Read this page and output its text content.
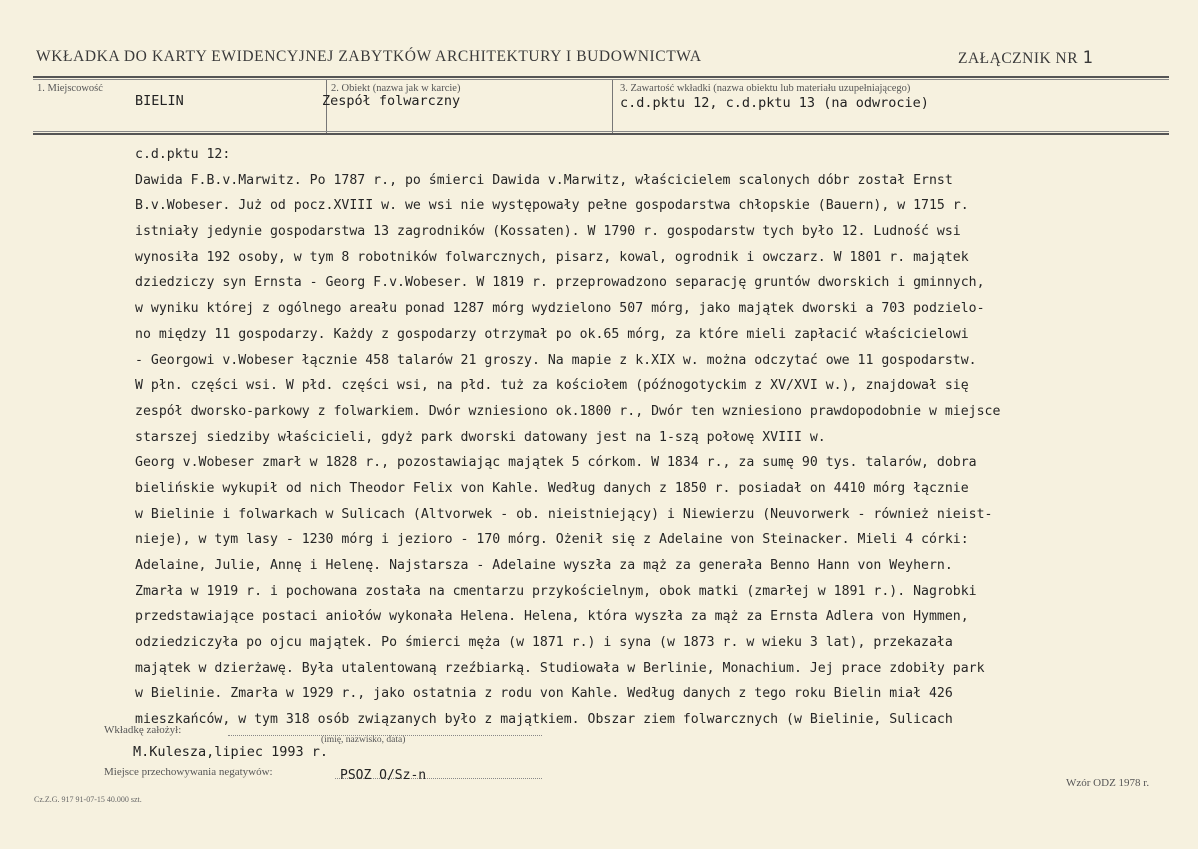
WKŁADKA DO KARTY EWIDENCYJNEJ ZABYTKÓW ARCHITEKTURY I BUDOWNICTWA	ZAŁĄCZNIK NR 1
1. Miejscowość
BIELIN
2. Obiekt (nazwa jak w karcie)
Zespół folwarczny
3. Zawartość wkładki (nazwa obiektu lub materiału uzupełniającego)
c.d.pktu 12, c.d.pktu 13 (na odwrocie)
c.d.pktu 12:
Dawida F.B.v.Marwitz. Po 1787 r., po śmierci Dawida v.Marwitz, właścicielem scalonych dóbr został Ernst
B.v.Wobeser. Już od pocz.XVIII w. we wsi nie występowały pełne gospodarstwa chłopskie (Bauern), w 1715 r.
istniały jedynie gospodarstwa 13 zagrodników (Kossaten). W 1790 r. gospodarstw tych było 12. Ludność wsi
wynosiła 192 osoby, w tym 8 robotników folwarcznych, pisarz, kowal, ogrodnik i owczarz. W 1801 r. majątek
dziedziczy syn Ernsta - Georg F.v.Wobeser. W 1819 r. przeprowadzono separację gruntów dworskich i gminnych,
w wyniku której z ogólnego areału ponad 1287 mórg wydzielono 507 mórg, jako majątek dworski a 703 podzielo-
no między 11 gospodarzy. Każdy z gospodarzy otrzymał po ok.65 mórg, za które mieli zapłacić właścicielowi
- Georgowi v.Wobeser łącznie 458 talarów 21 groszy. Na mapie z k.XIX w. można odczytać owe 11 gospodarstw.
W płn. części wsi. W płd. części wsi, na płd. tuż za kościołem (późnogotyckim z XV/XVI w.), znajdował się
zespół dworsko-parkowy z folwarkiem. Dwór wzniesiono ok.1800 r., Dwór ten wzniesiono prawdopodobnie w miejsce
starszej siedziby właścicieli, gdyż park dworski datowany jest na 1-szą połowę XVIII w.
Georg v.Wobeser zmarł w 1828 r., pozostawiając majątek 5 córkom. W 1834 r., za sumę 90 tys. talarów, dobra
bielińskie wykupił od nich Theodor Felix von Kahle. Według danych z 1850 r. posiadał on 4410 mórg łącznie
w Bielinie i folwarkach w Sulicach (Altvorwek - ob. nieistniejący) i Niewierzu (Neuvorwerk - również nieist-
nieje), w tym lasy - 1230 mórg i jezioro - 170 mórg. Ożenił się z Adelaine von Steinacker. Mieli 4 córki:
Adelaine, Julie, Annę i Helenę. Najstarsza - Adelaine wyszła za mąż za generała Benno Hann von Weyhern.
Zmarła w 1919 r. i pochowana została na cmentarzu przykościelnym, obok matki (zmarłej w 1891 r.). Nagrobki
przedstawiające postaci aniołów wykonała Helena. Helena, która wyszła za mąż za Ernsta Adlera von Hymmen,
odziedziczyła po ojcu majątek. Po śmierci męża (w 1871 r.) i syna (w 1873 r. w wieku 3 lat), przekazała
majątek w dzierżawę. Była utalentowaną rzeźbiarką. Studiowała w Berlinie, Monachium. Jej prace zdobiły park
w Bielinie. Zmarła w 1929 r., jako ostatnia z rodu von Kahle. Według danych z tego roku Bielin miał 426
mieszkańców, w tym 318 osób związanych było z majątkiem. Obszar ziem folwarcznych (w Bielinie, Sulicach
Wkładkę założył:
(imię, nazwisko, data)
M.Kulesza,lipiec 1993 r.
Miejsce przechowywania negatywów:	PSOZ O/Sz-n	Wzór ODZ 1978 r.
Cz.Z.G. 917 91-07-15 40.000 szt.
